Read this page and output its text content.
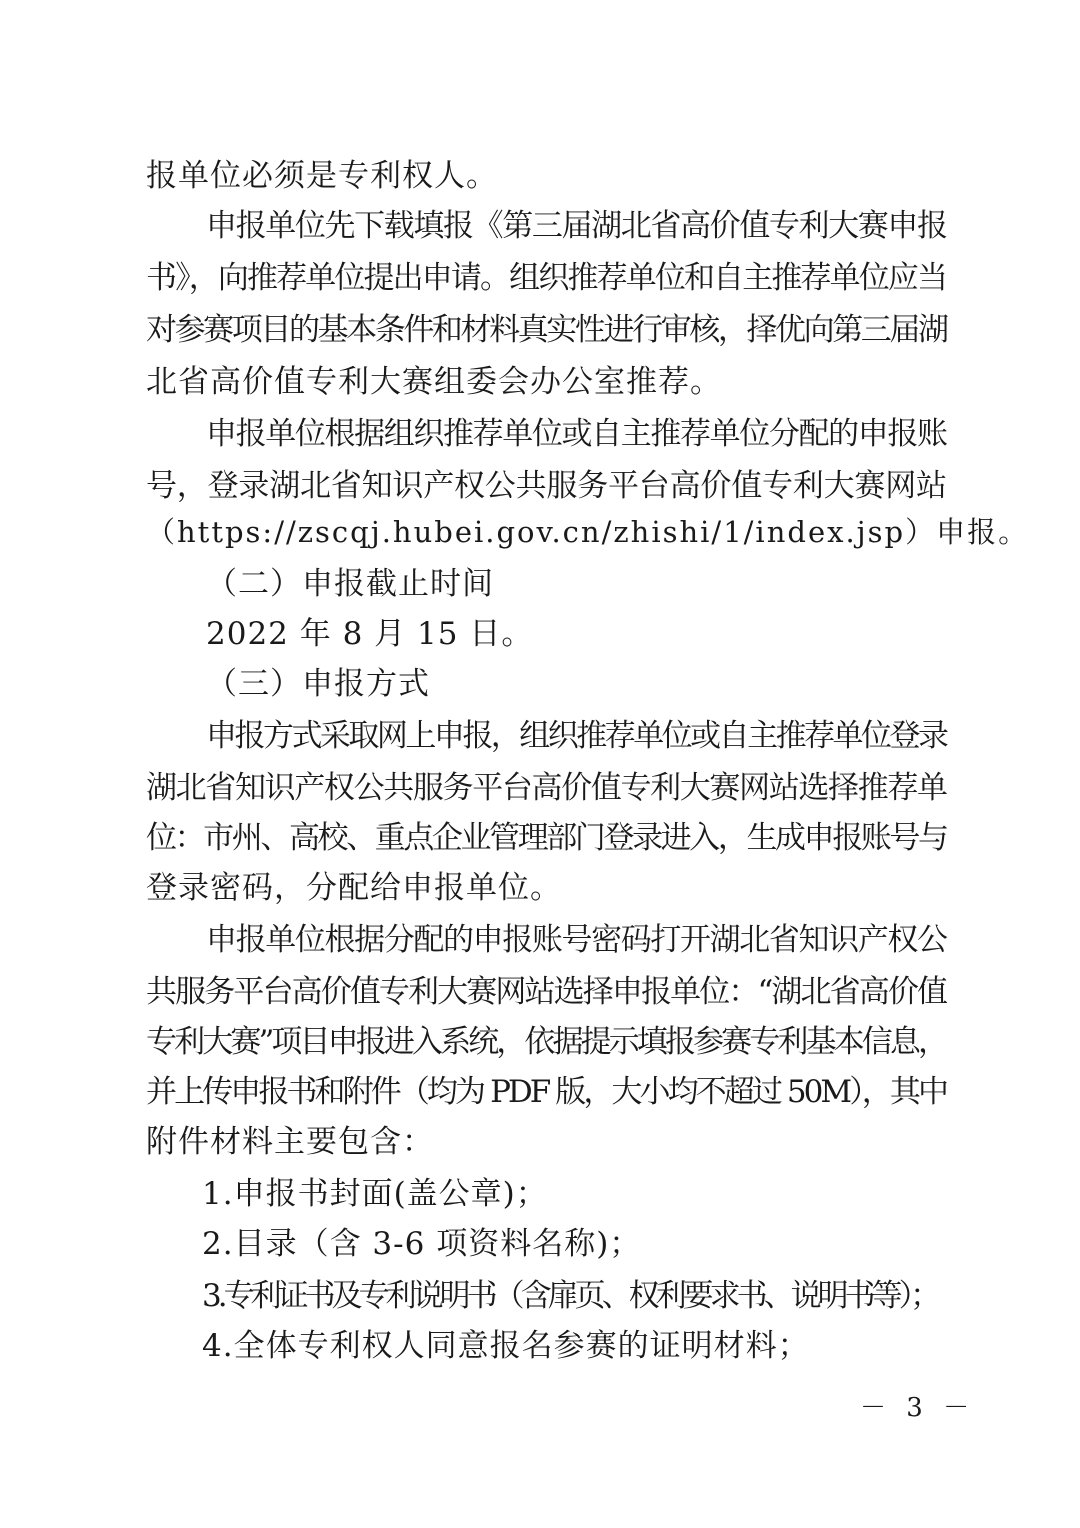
报单位必须是专利权人。
申报单位先下载填报《第三届湖北省高价值专利大赛申报
书》，向推荐单位提出申请。组织推荐单位和自主推荐单位应当
对参赛项目的基本条件和材料真实性进行审核，择优向第三届湖
北省高价值专利大赛组委会办公室推荐。
申报单位根据组织推荐单位或自主推荐单位分配的申报账
号，登录湖北省知识产权公共服务平台高价值专利大赛网站
（https://zscqj.hubei.gov.cn/zhishi/1/index.jsp）申报。
（二）申报截止时间
2022 年 8 月 15 日。
（三）申报方式
申报方式采取网上申报，组织推荐单位或自主推荐单位登录
湖北省知识产权公共服务平台高价值专利大赛网站选择推荐单
位：市州、高校、重点企业管理部门登录进入，生成申报账号与
登录密码，分配给申报单位。
申报单位根据分配的申报账号密码打开湖北省知识产权公
共服务平台高价值专利大赛网站选择申报单位：“湖北省高价值
专利大赛”项目申报进入系统，依据提示填报参赛专利基本信息，
并上传申报书和附件（均为 PDF 版，大小均不超过 50M），其中
附件材料主要包含：
1.申报书封面(盖公章)；
2.目录（含 3-6 项资料名称)；
3.专利证书及专利说明书（含扉页、权利要求书、说明书等）；
4.全体专利权人同意报名参赛的证明材料；
－ 3 －
